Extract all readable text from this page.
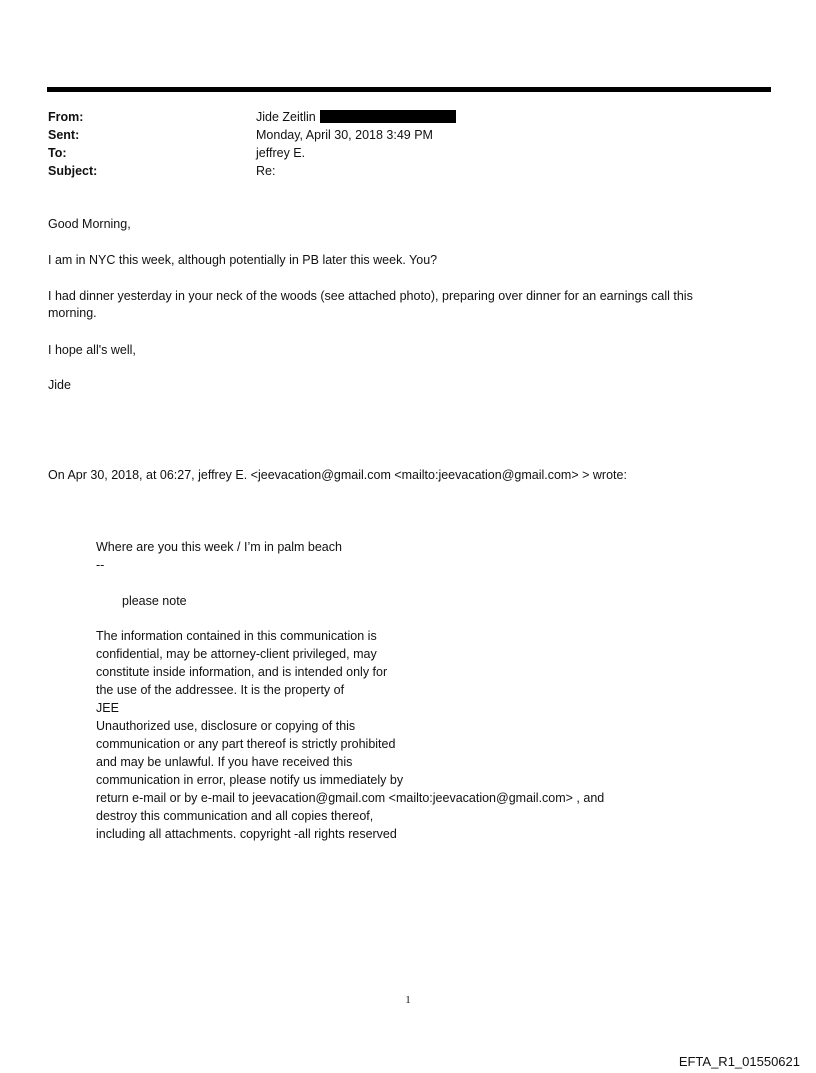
From:	Jide Zeitlin
Sent:	Monday, April 30, 2018 3:49 PM
To:	jeffrey E.
Subject:	Re:
Good Morning,
I am in NYC this week, although potentially in PB later this week. You?
I had dinner yesterday in your neck of the woods (see attached photo), preparing over dinner for an earnings call this
morning.
I hope all's well,
Jide
On Apr 30, 2018, at 06:27, jeffrey E. <jeevacation@gmail.com <mailto:jeevacation@gmail.com> > wrote:
Where are you this week / I’m in palm beach
--
please note
The information contained in this communication is
confidential, may be attorney-client privileged, may
constitute inside information, and is intended only for
the use of the addressee. It is the property of
JEE
Unauthorized use, disclosure or copying of this
communication or any part thereof is strictly prohibited
and may be unlawful. If you have received this
communication in error, please notify us immediately by
return e-mail or by e-mail to jeevacation@gmail.com <mailto:jeevacation@gmail.com> , and
destroy this communication and all copies thereof,
including all attachments. copyright -all rights reserved
1
EFTA_R1_01550621
